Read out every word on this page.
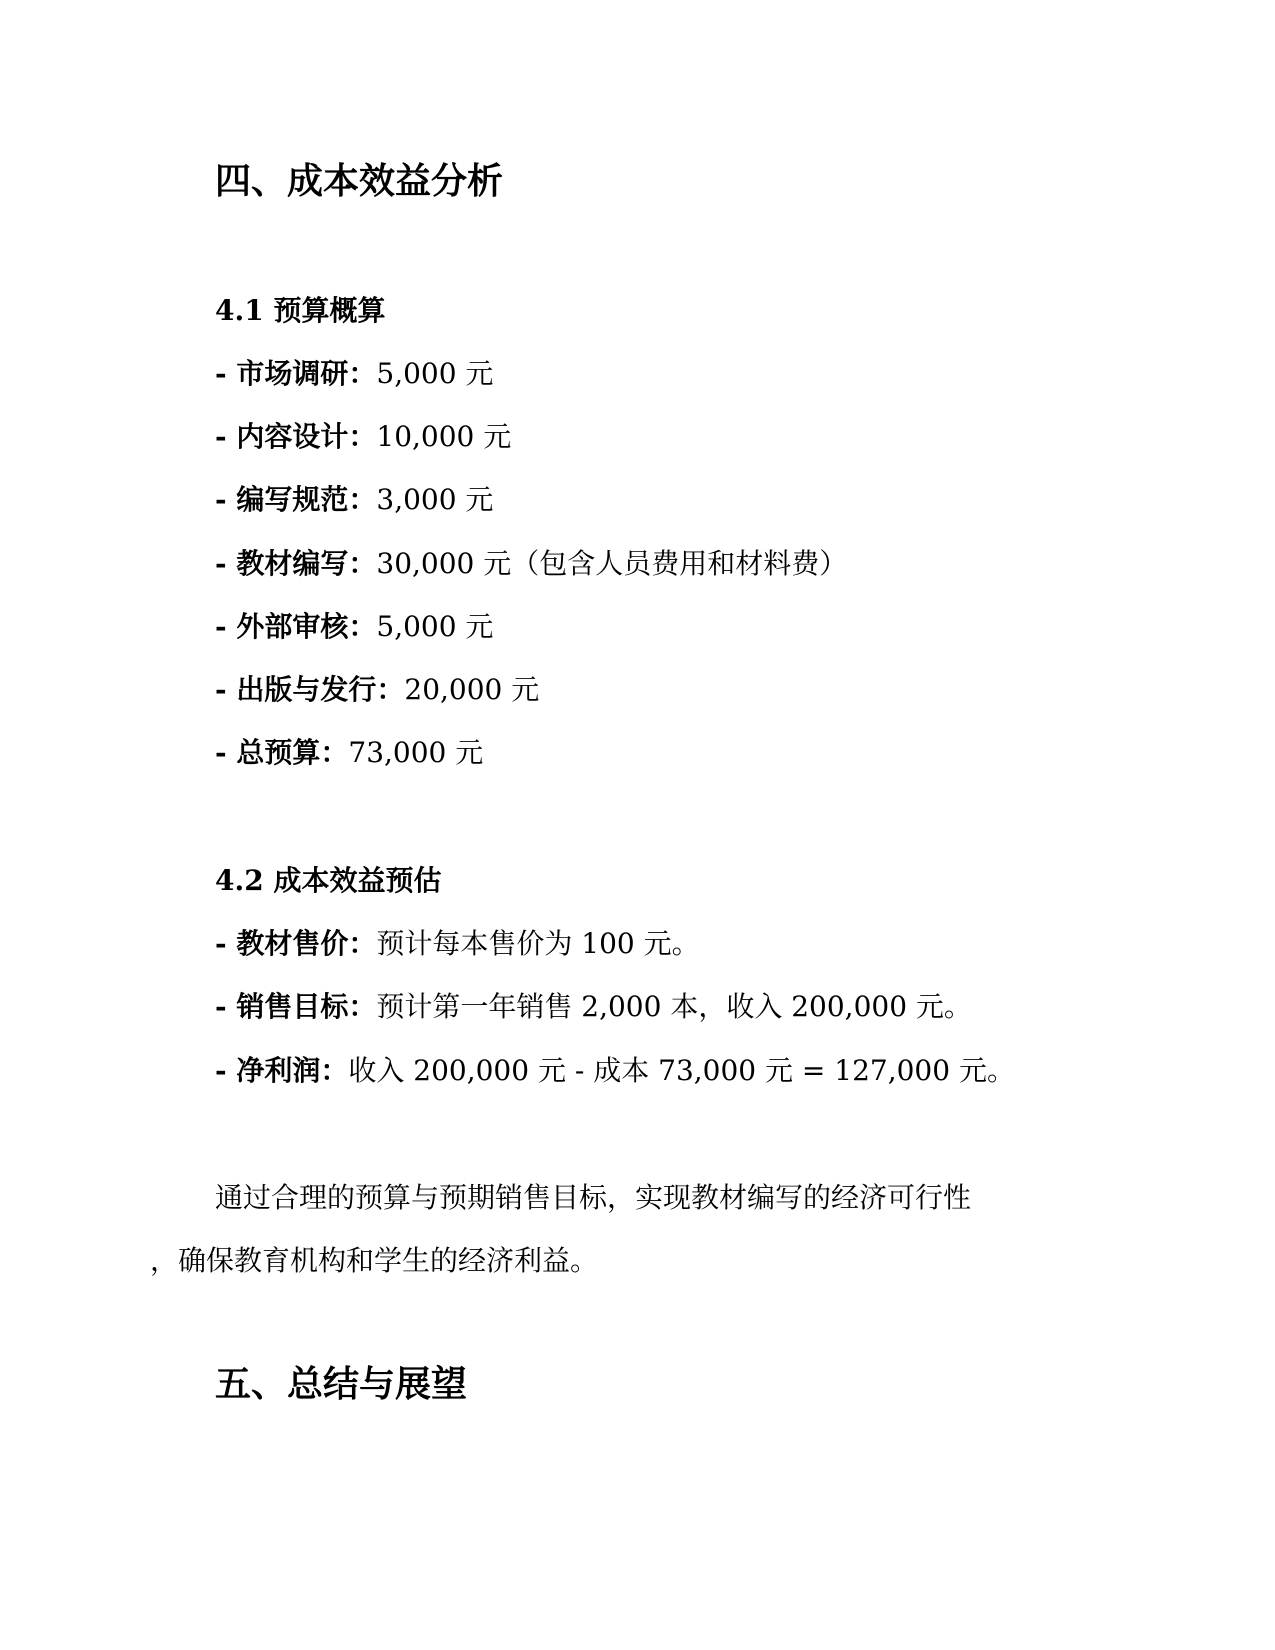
四、成本效益分析
4.1 预算概算

- 市场调研：5,000 元

- 内容设计：10,000 元

- 编写规范：3,000 元

- 教材编写：30,000 元（包含人员费用和材料费）

- 外部审核：5,000 元

- 出版与发行：20,000 元

- 总预算：73,000 元

4.2 成本效益预估

- 教材售价：预计每本售价为 100 元。

- 销售目标：预计第一年销售 2,000 本，收入 200,000 元。

- 净利润：收入 200,000 元 - 成本 73,000 元 = 127,000 元。

通过合理的预算与预期销售目标，实现教材编写的经济可行性

，确保教育机构和学生的经济利益。

五、总结与展望
